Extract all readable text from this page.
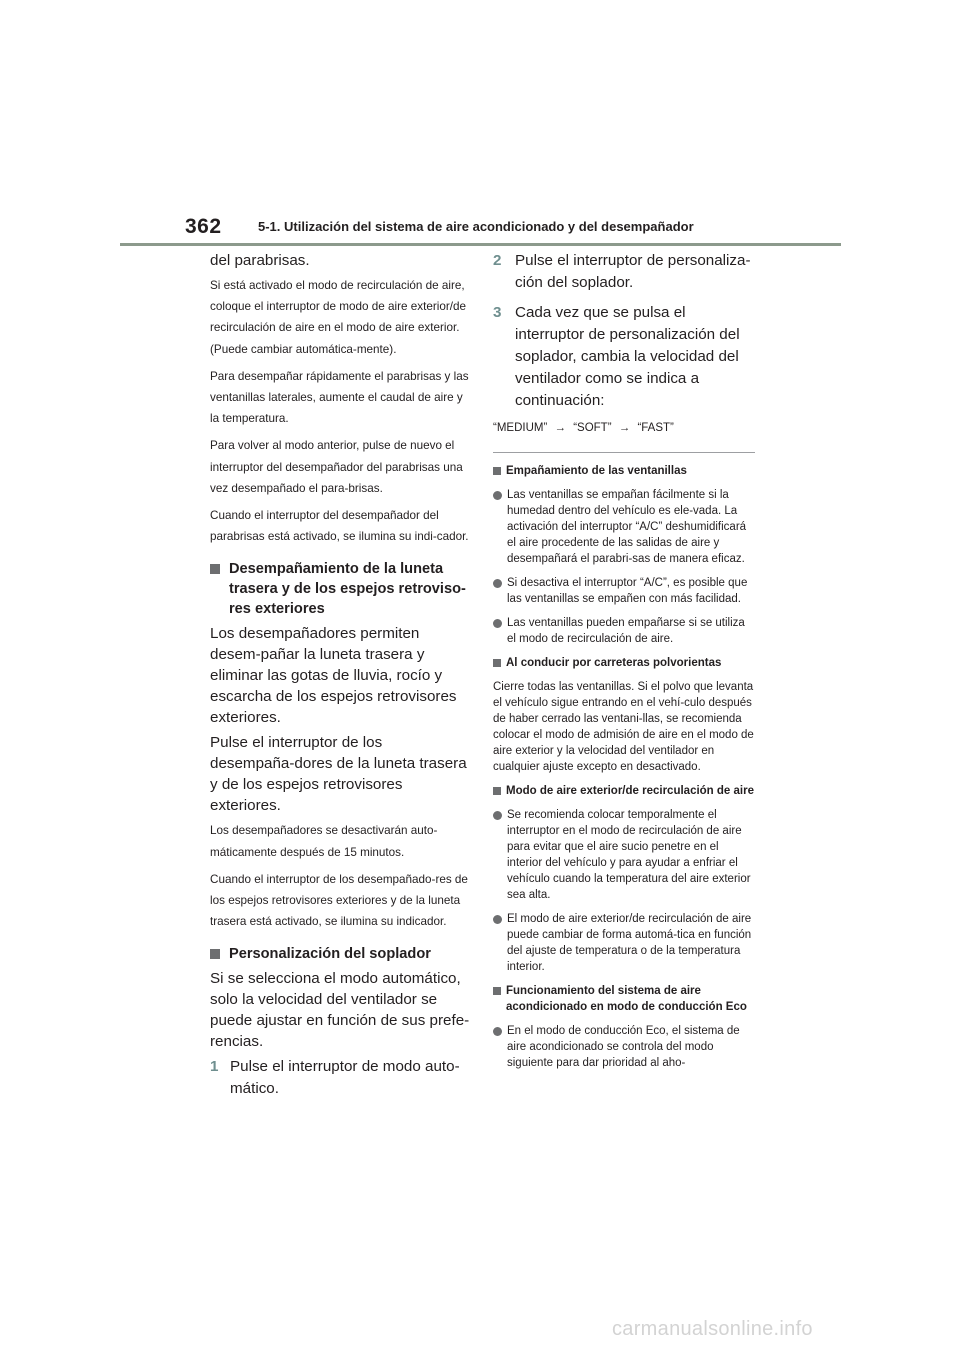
362	5-1. Utilización del sistema de aire acondicionado y del desempañador

del parabrisas.

Si está activado el modo de recirculación de aire, coloque el interruptor de modo de aire exterior/de recirculación de aire en el modo de aire exterior. (Puede cambiar automática-mente).

Para desempañar rápidamente el parabrisas y las ventanillas laterales, aumente el caudal de aire y la temperatura.

Para volver al modo anterior, pulse de nuevo el interruptor del desempañador del parabrisas una vez desempañado el para-brisas.

Cuando el interruptor del desempañador del parabrisas está activado, se ilumina su indi-cador.

Desempañamiento de la luneta trasera y de los espejos retroviso-res exteriores

Los desempañadores permiten desem-pañar la luneta trasera y eliminar las gotas de lluvia, rocío y escarcha de los espejos retrovisores exteriores.

Pulse el interruptor de los desempaña-dores de la luneta trasera y de los espejos retrovisores exteriores.

Los desempañadores se desactivarán auto-máticamente después de 15 minutos.

Cuando el interruptor de los desempañado-res de los espejos retrovisores exteriores y de la luneta trasera está activado, se ilumina su indicador.

Personalización del soplador

Si se selecciona el modo automático, solo la velocidad del ventilador se puede ajustar en función de sus prefe-rencias.

1 Pulse el interruptor de modo auto-mático.
2 Pulse el interruptor de personaliza-ción del soplador.
3 Cada vez que se pulsa el interruptor de personalización del soplador, cambia la velocidad del ventilador como se indica a continuación:
“MEDIUM” → “SOFT” → “FAST”
Empañamiento de las ventanillas
Las ventanillas se empañan fácilmente si la humedad dentro del vehículo es ele-vada. La activación del interruptor “A/C” deshumidificará el aire procedente de las salidas de aire y desempañará el parabri-sas de manera eficaz.
Si desactiva el interruptor “A/C”, es posible que las ventanillas se empañen con más facilidad.
Las ventanillas pueden empañarse si se utiliza el modo de recirculación de aire.
Al conducir por carreteras polvorientas

Cierre todas las ventanillas. Si el polvo que levanta el vehículo sigue entrando en el vehí-culo después de haber cerrado las ventani-llas, se recomienda colocar el modo de admisión de aire en el modo de aire exterior y la velocidad del ventilador en cualquier ajuste excepto en desactivado.

Modo de aire exterior/de recirculación de aire
Se recomienda colocar temporalmente el interruptor en el modo de recirculación de aire para evitar que el aire sucio penetre en el interior del vehículo y para ayudar a enfriar el vehículo cuando la temperatura del aire exterior sea alta.
El modo de aire exterior/de recirculación de aire puede cambiar de forma automá-tica en función del ajuste de temperatura o de la temperatura interior.
Funcionamiento del sistema de aire acondicionado en modo de conducción Eco
En el modo de conducción Eco, el sistema de aire acondicionado se controla del modo siguiente para dar prioridad al aho-
carmanualsonline.info
